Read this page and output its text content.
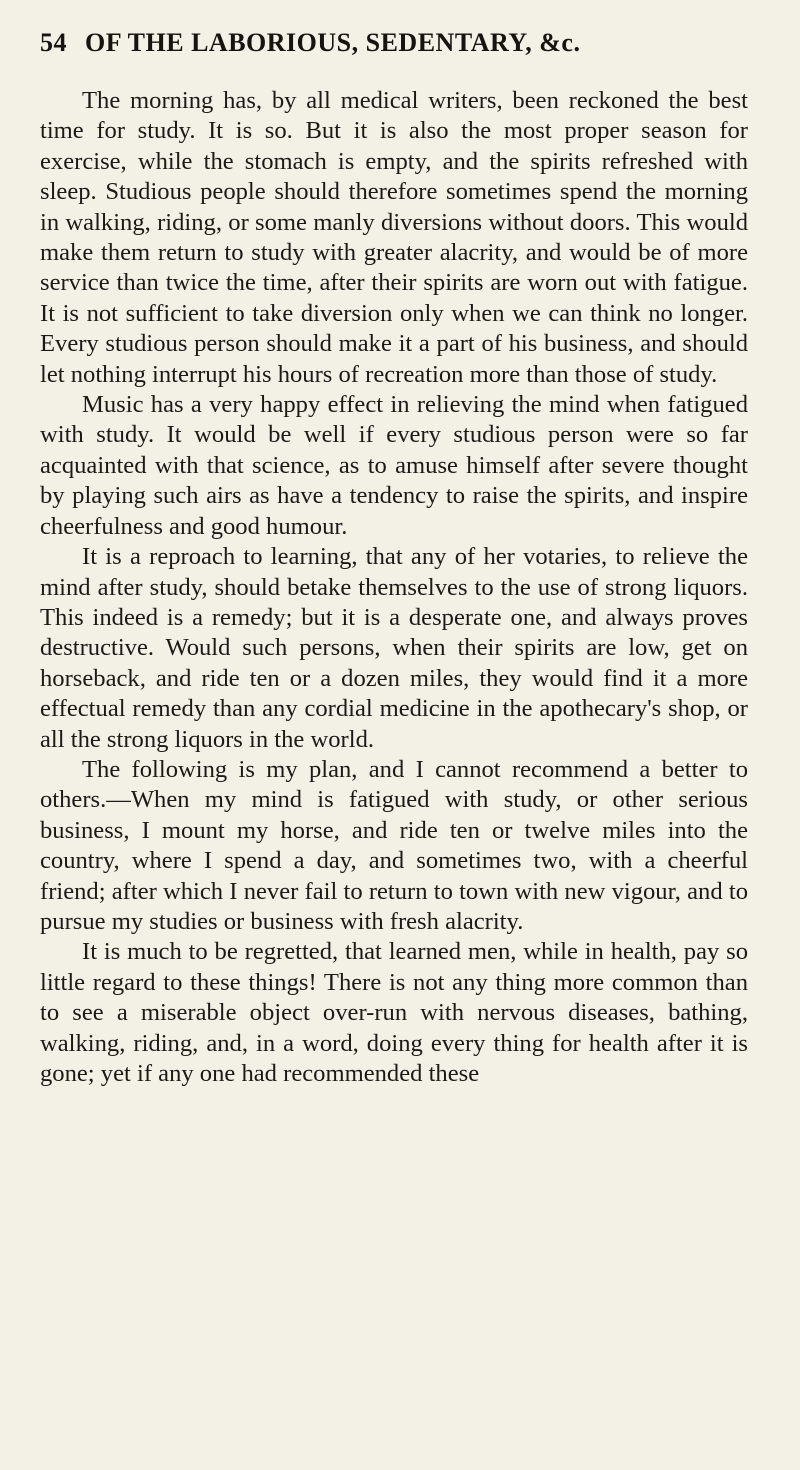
54 OF THE LABORIOUS, SEDENTARY, &c.

The morning has, by all medical writers, been reckoned the best time for study. It is so. But it is also the most proper season for exercise, while the stomach is empty, and the spirits refreshed with sleep. Studious people should therefore sometimes spend the morning in walking, riding, or some manly diversions without doors. This would make them return to study with greater alacrity, and would be of more service than twice the time, after their spirits are worn out with fatigue. It is not sufficient to take diversion only when we can think no longer. Every studious person should make it a part of his business, and should let nothing interrupt his hours of recreation more than those of study.

Music has a very happy effect in relieving the mind when fatigued with study. It would be well if every studious person were so far acquainted with that science, as to amuse himself after severe thought by playing such airs as have a tendency to raise the spirits, and inspire cheerfulness and good humour.

It is a reproach to learning, that any of her votaries, to relieve the mind after study, should betake themselves to the use of strong liquors. This indeed is a remedy; but it is a desperate one, and always proves destructive. Would such persons, when their spirits are low, get on horseback, and ride ten or a dozen miles, they would find it a more effectual remedy than any cordial medicine in the apothecary's shop, or all the strong liquors in the world.

The following is my plan, and I cannot recommend a better to others.—When my mind is fatigued with study, or other serious business, I mount my horse, and ride ten or twelve miles into the country, where I spend a day, and sometimes two, with a cheerful friend; after which I never fail to return to town with new vigour, and to pursue my studies or business with fresh alacrity.

It is much to be regretted, that learned men, while in health, pay so little regard to these things! There is not any thing more common than to see a miserable object over-run with nervous diseases, bathing, walking, riding, and, in a word, doing every thing for health after it is gone; yet if any one had recommended these
